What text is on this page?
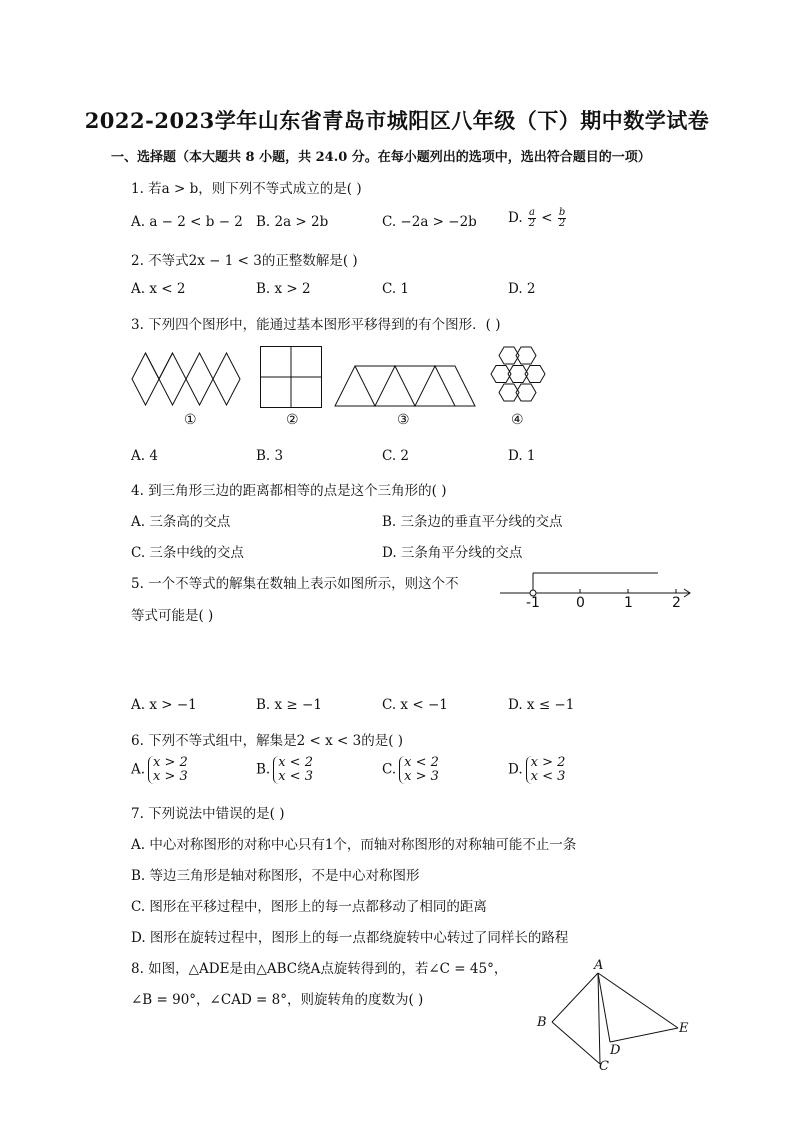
2022-2023学年山东省青岛市城阳区八年级（下）期中数学试卷
一、选择题（本大题共 8 小题，共 24.0 分。在每小题列出的选项中，选出符合题目的一项）
1. 若a > b，则下列不等式成立的是( )
A. a − 2 < b − 2 B. 2a > 2b	C. −2a > −2b D. $\frac{a}{2} < \frac{b}{2}$
2. 不等式2x − 1 < 3的正整数解是( )
A. x < 2	B. x > 2	C. 1	D. 2
3. 下列四个图形中，能通过基本图形平移得到的有个图形．( )
①	②	③	④
A. 4	B. 3	C. 2	D. 1
4. 到三角形三边的距离都相等的点是这个三角形的( )
A. 三条高的交点	B. 三条边的垂直平分线的交点
C. 三条中线的交点	D. 三条角平分线的交点
5. 一个不等式的解集在数轴上表示如图所示，则这个不
等式可能是( )
-1	0	1	2
A. x > −1	B. x ≥ −1	C. x < −1	D. x ≤ −1
6. 下列不等式组中，解集是2 < x < 3的是( )
A. x > 2
x > 3	B. x < 2
x < 3	C. x < 2
x > 3	D. x > 2
x < 3
7. 下列说法中错误的是( )
A. 中心对称图形的对称中心只有1个，而轴对称图形的对称轴可能不止一条
B. 等边三角形是轴对称图形，不是中心对称图形
C. 图形在平移过程中，图形上的每一点都移动了相同的距离
D. 图形在旋转过程中，图形上的每一点都绕旋转中心转过了同样长的路程
8. 如图，△ADE是由△ABC绕A点旋转得到的，若∠C = 45°，
∠B = 90°，∠CAD = 8°，则旋转角的度数为( )
A
B
C
D
E
